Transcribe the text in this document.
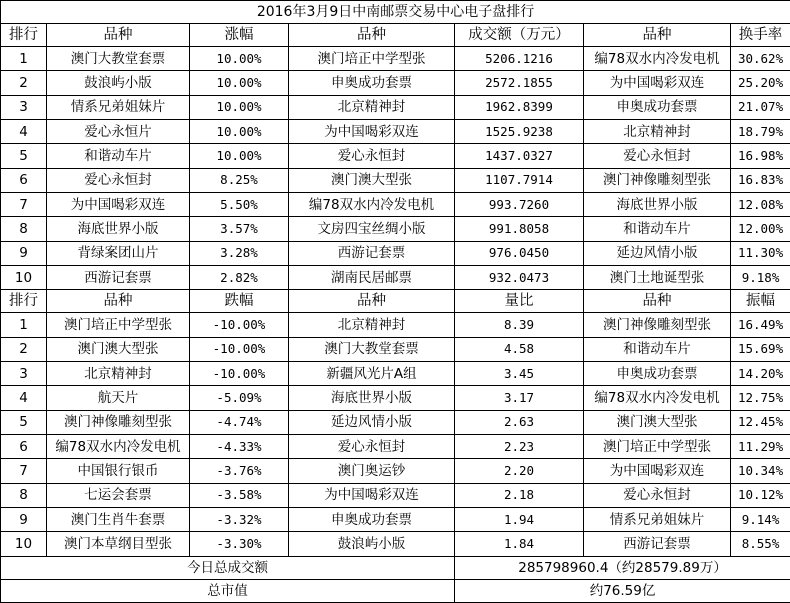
2016年3月9日中南邮票交易中心电子盘排行						
排行	品种	涨幅	品种	成交额（万元）	品种	换手率
1	澳门大教堂套票	10.00%	澳门培正中学型张	5206.1216	编78双水内冷发电机	30.62%
2	鼓浪屿小版	10.00%	申奥成功套票	2572.1855	为中国喝彩双连	25.20%
3	情系兄弟姐妹片	10.00%	北京精神封	1962.8399	申奥成功套票	21.07%
4	爱心永恒片	10.00%	为中国喝彩双连	1525.9238	北京精神封	18.79%
5	和谐动车片	10.00%	爱心永恒封	1437.0327	爱心永恒封	16.98%
6	爱心永恒封	8.25%	澳门澳大型张	1107.7914	澳门神像雕刻型张	16.83%
7	为中国喝彩双连	5.50%	编78双水内冷发电机	993.7260	海底世界小版	12.08%
8	海底世界小版	3.57%	文房四宝丝绸小版	991.8058	和谐动车片	12.00%
9	背绿案团山片	3.28%	西游记套票	976.0450	延边风情小版	11.30%
10	西游记套票	2.82%	湖南民居邮票	932.0473	澳门土地诞型张	9.18%
排行	品种	跌幅	品种	量比	品种	振幅
1	澳门培正中学型张	-10.00%	北京精神封	8.39	澳门神像雕刻型张	16.49%
2	澳门澳大型张	-10.00%	澳门大教堂套票	4.58	和谐动车片	15.69%
3	北京精神封	-10.00%	新疆风光片A组	3.45	申奥成功套票	14.20%
4	航天片	-5.09%	海底世界小版	3.17	编78双水内冷发电机	12.75%
5	澳门神像雕刻型张	-4.74%	延边风情小版	2.63	澳门澳大型张	12.45%
6	编78双水内冷发电机	-4.33%	爱心永恒封	2.23	澳门培正中学型张	11.29%
7	中国银行银币	-3.76%	澳门奥运钞	2.20	为中国喝彩双连	10.34%
8	七运会套票	-3.58%	为中国喝彩双连	2.18	爱心永恒封	10.12%
9	澳门生肖牛套票	-3.32%	申奥成功套票	1.94	情系兄弟姐妹片	9.14%
10	澳门本草纲目型张	-3.30%	鼓浪屿小版	1.84	西游记套票	8.55%
今日总成交额				285798960.4（约28579.89万）		
总市值				约76.59亿		
